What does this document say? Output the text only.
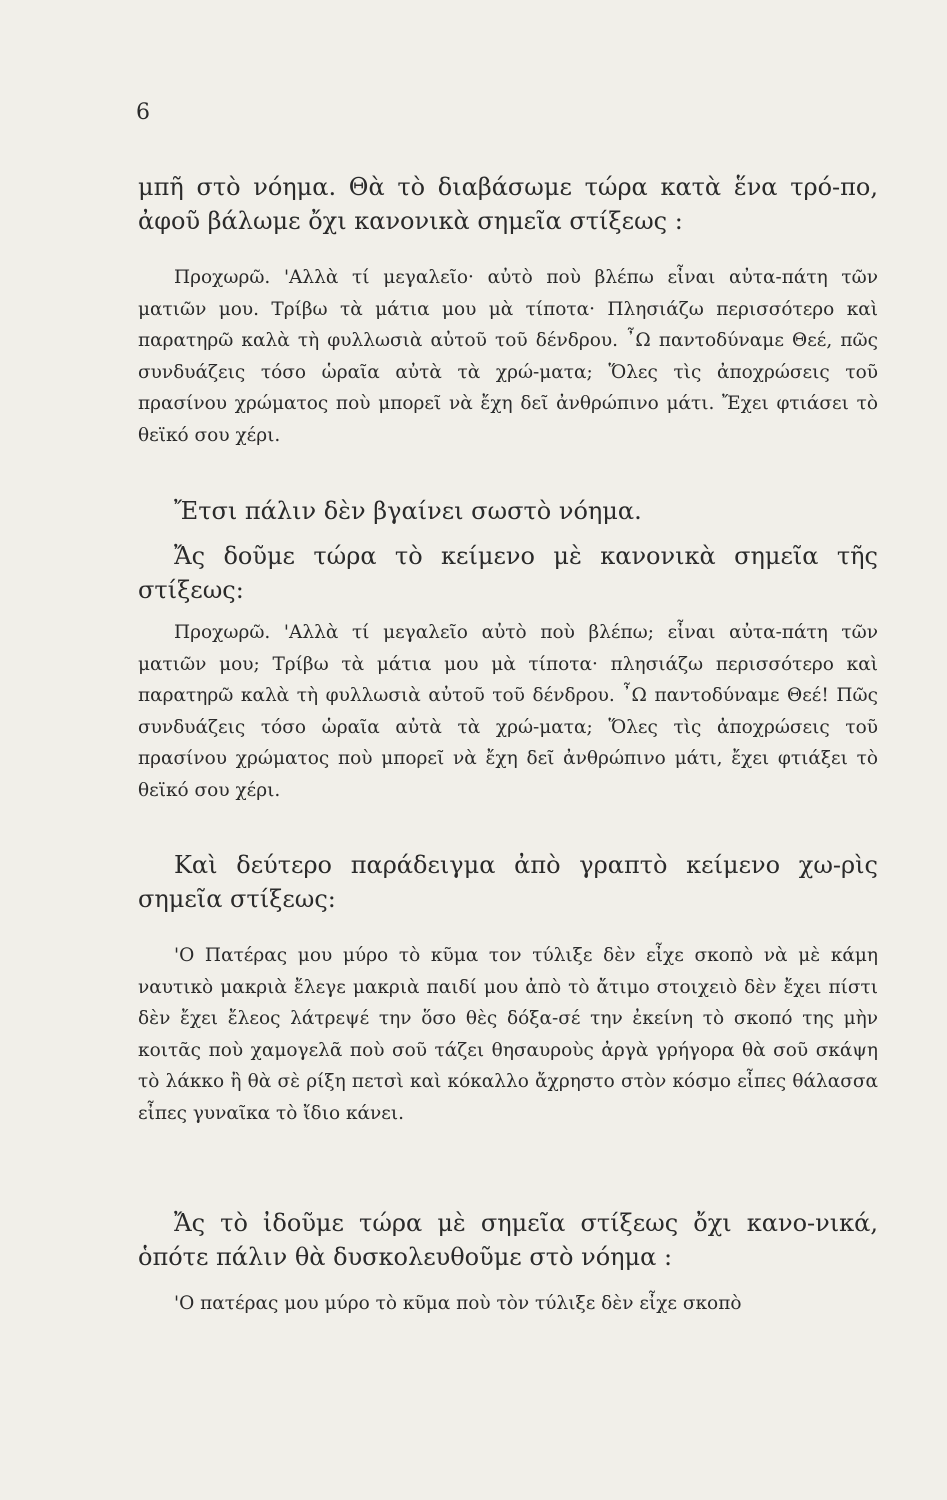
6

μπῆ στὸ νόημα. Θὰ τὸ διαβάσωμε τώρα κατὰ ἕνα τρό-πο, ἀφοῦ βάλωμε ὄχι κανονικὰ σημεῖα στίξεως :

Προχωρῶ. 'Αλλὰ τί μεγαλεῖο· αὐτὸ ποὺ βλέπω εἶναι αὐτα-πάτη τῶν ματιῶν μου. Τρίβω τὰ μάτια μου μὰ τίποτα· Πλησιάζω περισσότερο καὶ παρατηρῶ καλὰ τὴ φυλλωσιὰ αὐτοῦ τοῦ δένδρου. ῏Ω παντοδύναμε Θεέ, πῶς συνδυάζεις τόσο ὡραῖα αὐτὰ τὰ χρώ-ματα; Ὅλες τὶς ἀποχρώσεις τοῦ πρασίνου χρώματος ποὺ μπορεῖ νὰ ἔχη δεῖ ἀνθρώπινο μάτι. Ἔχει φτιάσει τὸ θεϊκό σου χέρι.

Ἔτσι πάλιν δὲν βγαίνει σωστὸ νόημα.

Ἄς δοῦμε τώρα τὸ κείμενο μὲ κανονικὰ σημεῖα τῆς στίξεως:

Προχωρῶ. 'Αλλὰ τί μεγαλεῖο αὐτὸ ποὺ βλέπω; εἶναι αὐτα-πάτη τῶν ματιῶν μου; Τρίβω τὰ μάτια μου μὰ τίποτα· πλησιάζω περισσότερο καὶ παρατηρῶ καλὰ τὴ φυλλωσιὰ αὐτοῦ τοῦ δένδρου. ῏Ω παντοδύναμε Θεέ! Πῶς συνδυάζεις τόσο ὡραῖα αὐτὰ τὰ χρώ-ματα; Ὅλες τὶς ἀποχρώσεις τοῦ πρασίνου χρώματος ποὺ μπορεῖ νὰ ἔχη δεῖ ἀνθρώπινο μάτι, ἔχει φτιάξει τὸ θεϊκό σου χέρι.

Καὶ δεύτερο παράδειγμα ἀπὸ γραπτὸ κείμενο χω-ρὶς σημεῖα στίξεως:

'Ο Πατέρας μου μύρο τὸ κῦμα τον τύλιξε δὲν εἶχε σκοπὸ νὰ μὲ κάμη ναυτικὸ μακριὰ ἔλεγε μακριὰ παιδί μου ἀπὸ τὸ ἄτιμο στοιχειὸ δὲν ἔχει πίστι δὲν ἔχει ἔλεος λάτρεψέ την ὅσο θὲς δόξα-σέ την ἐκείνη τὸ σκοπό της μὴν κοιτᾶς ποὺ χαμογελᾶ ποὺ σοῦ τάζει θησαυροὺς ἀργὰ γρήγορα θὰ σοῦ σκάψη τὸ λάκκο ἢ θὰ σὲ ρίξη πετσὶ καὶ κόκαλλο ἄχρηστο στὸν κόσμο εἶπες θάλασσα εἶπες γυναῖκα τὸ ἴδιο κάνει.

Ἄς τὸ ἰδοῦμε τώρα μὲ σημεῖα στίξεως ὄχι κανο-νικά, ὁπότε πάλιν θὰ δυσκολευθοῦμε στὸ νόημα :

'Ο πατέρας μου μύρο τὸ κῦμα ποὺ τὸν τύλιξε δὲν εἶχε σκοπὸ
